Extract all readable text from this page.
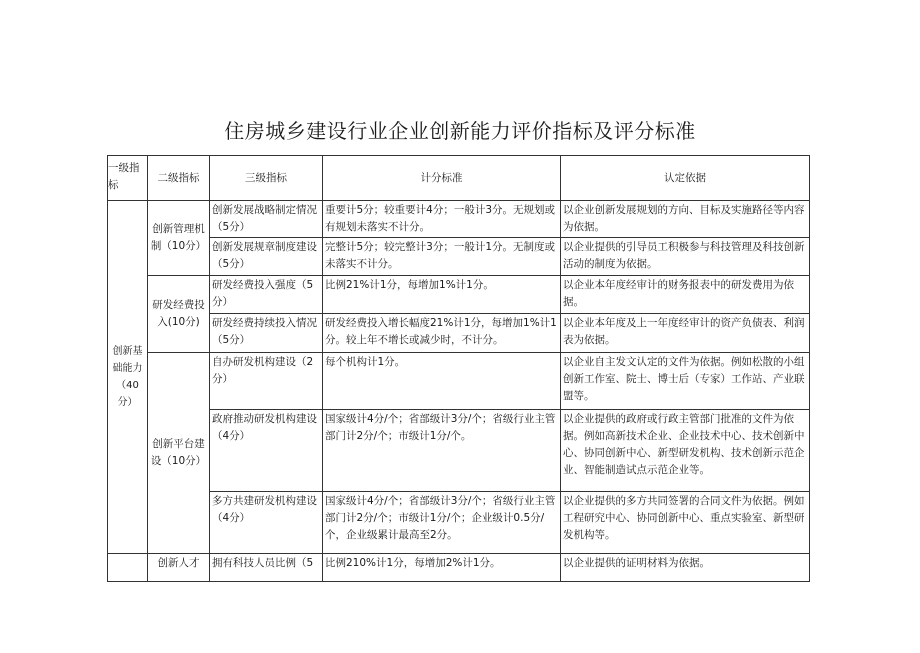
住房城乡建设行业企业创新能力评价指标及评分标准
一级指标	二级指标	三级指标	计分标准	认定依据
创新基础能力（40分）	创新管理机制（10分）	创新发展战略制定情况（5分）	重要计5分；较重要计4分；一般计3分。无规划或有规划未落实不计分。	以企业创新发展规划的方向、目标及实施路径等内容为依据。
		创新发展规章制度建设（5分）	完整计5分；较完整计3分；一般计1分。无制度或未落实不计分。	以企业提供的引导员工积极参与科技管理及科技创新活动的制度为依据。
	研发经费投入(10分)	研发经费投入强度（5分）	比例21%计1分，每增加1%计1分。	以企业本年度经审计的财务报表中的研发费用为依据。
		研发经费持续投入情况（5分）	研发经费投入增长幅度21%计1分，每增加1%计1分。较上年不增长或减少时，不计分。	以企业本年度及上一年度经审计的资产负债表、利润表为依据。
	创新平台建设（10分）	自办研发机构建设（2分）	每个机构计1分。	以企业自主发文认定的文件为依据。例如松散的小组创新工作室、院士、博士后（专家）工作站、产业联盟等。
		政府推动研发机构建设（4分）	国家级计4分/个；省部级计3分/个；省级行业主管部门计2分/个；市级计1分/个。	以企业提供的政府或行政主管部门批准的文件为依据。例如高新技术企业、企业技术中心、技术创新中心、协同创新中心、新型研发机构、技术创新示范企业、智能制造试点示范企业等。
		多方共建研发机构建设（4分）	国家级计4分/个；省部级计3分/个；省级行业主管部门计2分/个；市级计1分/个；企业级计0.5分/个，企业级累计最高至2分。	以企业提供的多方共同签署的合同文件为依据。例如工程研究中心、协同创新中心、重点实验室、新型研发机构等。
	创新人才	拥有科技人员比例（5	比例210%计1分，每增加2%计1分。	以企业提供的证明材料为依据。
